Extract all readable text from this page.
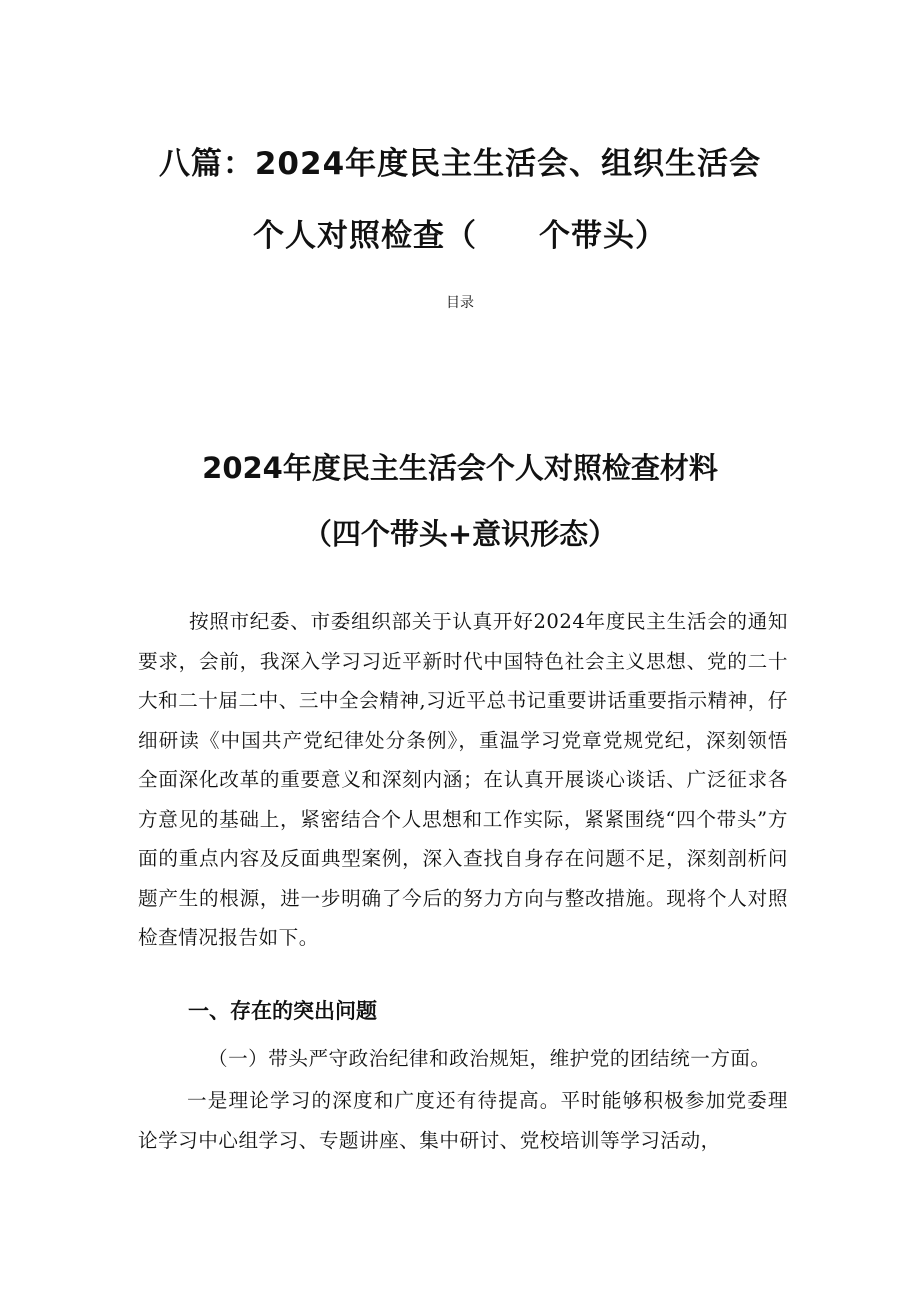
八篇：2024年度民主生活会、组织生活会
个人对照检查（ 个带头）
目录
2024年度民主生活会个人对照检查材料
（四个带头+意识形态）

按照市纪委、市委组织部关于认真开好2024年度民主生活会的通知要求，会前，我深入学习习近平新时代中国特色社会主义思想、党的二十大和二十届二中、三中全会精神,习近平总书记重要讲话重要指示精神，仔细研读《中国共产党纪律处分条例》，重温学习党章党规党纪，深刻领悟全面深化改革的重要意义和深刻内涵；在认真开展谈心谈话、广泛征求各方意见的基础上，紧密结合个人思想和工作实际，紧紧围绕“四个带头”方面的重点内容及反面典型案例，深入查找自身存在问题不足，深刻剖析问题产生的根源，进一步明确了今后的努力方向与整改措施。现将个人对照检查情况报告如下。

一、存在的突出问题

（一）带头严守政治纪律和政治规矩，维护党的团结统一方面。

一是理论学习的深度和广度还有待提高。平时能够积极参加党委理论学习中心组学习、专题讲座、集中研讨、党校培训等学习活动，
